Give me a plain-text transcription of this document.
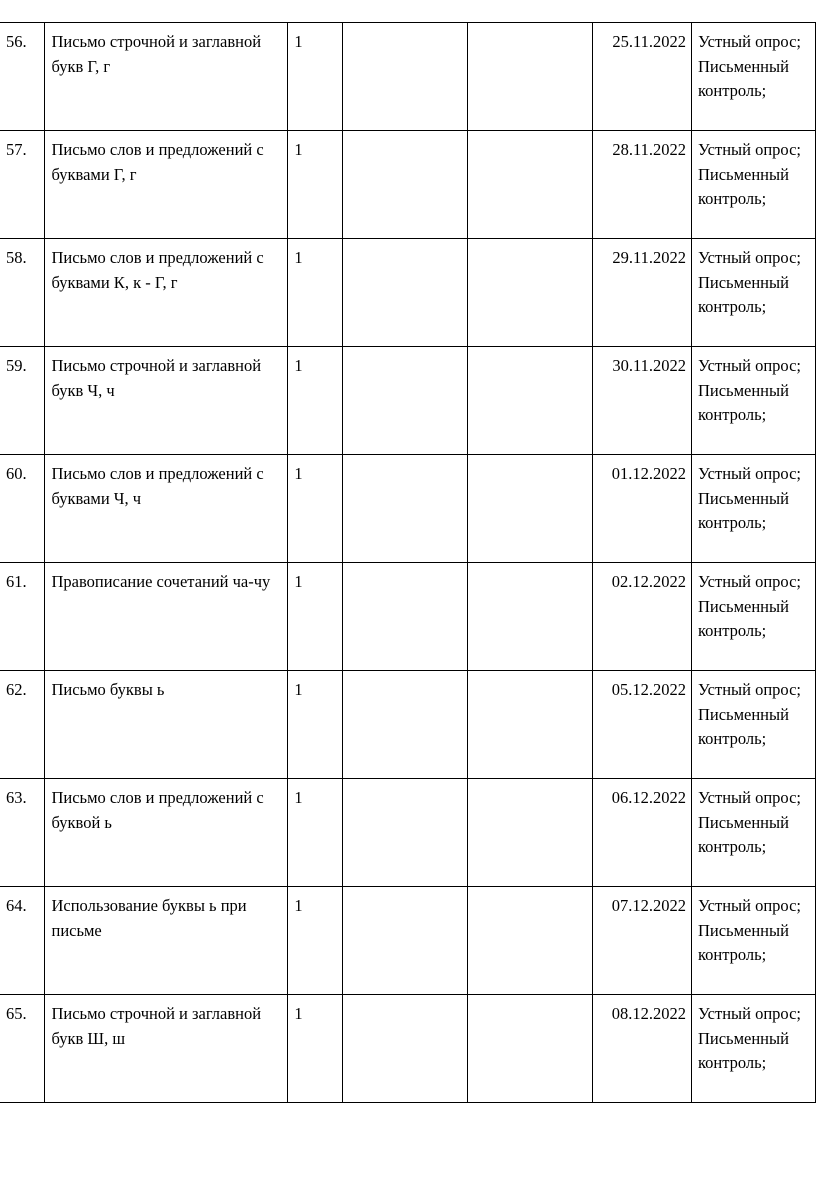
56.	Письмо строчной и заглавной букв Г, г	1			25.11.2022	Устный опрос; Письменный контроль;
57.	Письмо слов и предложений с буквами Г, г	1			28.11.2022	Устный опрос; Письменный контроль;
58.	Письмо слов и предложений с буквами К, к - Г, г	1			29.11.2022	Устный опрос; Письменный контроль;
59.	Письмо строчной и заглавной букв Ч, ч	1			30.11.2022	Устный опрос; Письменный контроль;
60.	Письмо слов и предложений с буквами Ч, ч	1			01.12.2022	Устный опрос; Письменный контроль;
61.	Правописание сочетаний ча-чу	1			02.12.2022	Устный опрос; Письменный контроль;
62.	Письмо буквы ь	1			05.12.2022	Устный опрос; Письменный контроль;
63.	Письмо слов и предложений с буквой ь	1			06.12.2022	Устный опрос; Письменный контроль;
64.	Использование буквы ь при письме	1			07.12.2022	Устный опрос; Письменный контроль;
65.	Письмо строчной и заглавной букв Ш, ш	1			08.12.2022	Устный опрос; Письменный контроль;
